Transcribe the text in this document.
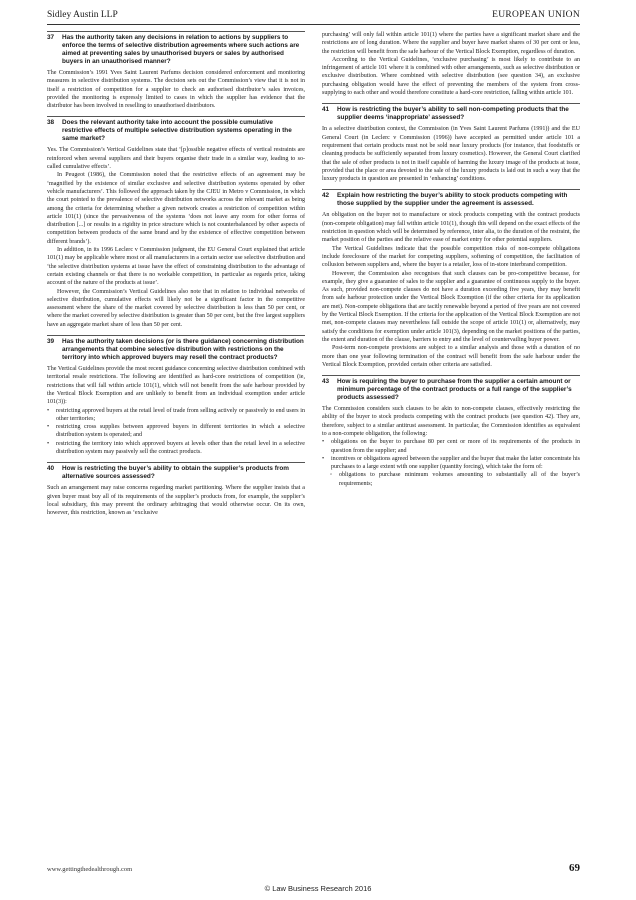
Sidley Austin LLP	EUROPEAN UNION
37	Has the authority taken any decisions in relation to actions by suppliers to enforce the terms of selective distribution agreements where such actions are aimed at preventing sales by unauthorised buyers or sales by authorised buyers in an unauthorised manner?

The Commission’s 1991 Yves Saint Laurent Parfums decision considered enforcement and monitoring measures in selective distribution systems. The decision sets out the Commission’s view that it is not in itself a restriction of competition for a supplier to check an authorised distributor’s sales invoices, provided the monitoring is expressly limited to cases in which the supplier has evidence that the distributor has been involved in reselling to unauthorised distributors.

38	Does the relevant authority take into account the possible cumulative restrictive effects of multiple selective distribution systems operating in the same market?

Yes. The Commission’s Vertical Guidelines state that ‘[p]ossible negative effects of vertical restraints are reinforced when several suppliers and their buyers organise their trade in a similar way, leading to so-called cumulative effects’.

In Peugeot (1986), the Commission noted that the restrictive effects of an agreement may be ‘magnified by the existence of similar exclusive and selective distribution systems operated by other vehicle manufacturers’. This followed the approach taken by the CJEU in Metro v Commission, in which the court pointed to the prevalence of selective distribution networks across the relevant market as being among the criteria for determining whether a given network creates a restriction of competition within article 101(1) (since the pervasiveness of the systems ‘does not leave any room for other forms of distribution [...] or results in a rigidity in price structure which is not counterbalanced by other aspects of competition between products of the same brand and by the existence of effective competition between different brands’).

In addition, in its 1996 Leclerc v Commission judgment, the EU General Court explained that article 101(1) may be applicable where most or all manufacturers in a certain sector use selective distribution and ‘the selective distribution systems at issue have the effect of constraining distribution to the advantage of certain existing channels or that there is no workable competition, in particular as regards price, taking account of the nature of the products at issue’.

However, the Commission’s Vertical Guidelines also note that in relation to individual networks of selective distribution, cumulative effects will likely not be a significant factor in the competitive assessment where the share of the market covered by selective distribution is less than 50 per cent, or where the market covered by selective distribution is greater than 50 per cent, but the five largest suppliers have an aggregate market share of less than 50 per cent.

39	Has the authority taken decisions (or is there guidance) concerning distribution arrangements that combine selective distribution with restrictions on the territory into which approved buyers may resell the contract products?

The Vertical Guidelines provide the most recent guidance concerning selective distribution combined with territorial resale restrictions. The following are identified as hard-core restrictions of competition (ie, restrictions that will fall within article 101(1), which will not benefit from the safe harbour provided by the Vertical Block Exemption and are unlikely to benefit from an individual exemption under article 101(3)):

• restricting approved buyers at the retail level of trade from selling actively or passively to end users in other territories;
• restricting cross supplies between approved buyers in different territories in which a selective distribution system is operated; and
• restricting the territory into which approved buyers at levels other than the retail level in a selective distribution system may passively sell the contract products.
40	How is restricting the buyer’s ability to obtain the supplier’s products from alternative sources assessed?

Such an arrangement may raise concerns regarding market partitioning. Where the supplier insists that a given buyer must buy all of its requirements of the supplier’s products from, for example, the supplier’s local subsidiary, this may prevent the ordinary arbitraging that would otherwise occur. On its own, however, this restriction, known as ‘exclusive

purchasing’ will only fall within article 101(1) where the parties have a significant market share and the restrictions are of long duration. Where the supplier and buyer have market shares of 30 per cent or less, the restriction will benefit from the safe harbour of the Vertical Block Exemption, regardless of duration.

According to the Vertical Guidelines, ‘exclusive purchasing’ is most likely to contribute to an infringement of article 101 where it is combined with other arrangements, such as selective distribution or exclusive distribution. Where combined with selective distribution (see question 34), an exclusive purchasing obligation would have the effect of preventing the members of the system from cross-supplying to each other and would therefore constitute a hard-core restriction, falling within article 101.

41	How is restricting the buyer’s ability to sell non-competing products that the supplier deems ‘inappropriate’ assessed?

In a selective distribution context, the Commission (in Yves Saint Laurent Parfums (1991)) and the EU General Court (in Leclerc v Commission (1996)) have accepted as permitted under article 101 a requirement that certain products must not be sold near luxury products (for instance, that foodstuffs or cleaning products be sufficiently separated from luxury cosmetics). However, the General Court clarified that the sale of other products is not in itself capable of harming the luxury image of the products at issue, provided that the place or area devoted to the sale of the luxury products is laid out in such a way that the luxury products in question are presented in ‘enhancing’ conditions.

42	Explain how restricting the buyer’s ability to stock products competing with those supplied by the supplier under the agreement is assessed.

An obligation on the buyer not to manufacture or stock products competing with the contract products (non-compete obligation) may fall within article 101(1), though this will depend on the exact effects of the restriction in question which will be determined by reference, inter alia, to the duration of the restraint, the market position of the parties and the relative ease of market entry for other potential suppliers.

The Vertical Guidelines indicate that the possible competition risks of non-compete obligations include foreclosure of the market for competing suppliers, softening of competition, the facilitation of collusion between suppliers and, where the buyer is a retailer, loss of in-store interbrand competition.

However, the Commission also recognises that such clauses can be pro-competitive because, for example, they give a guarantee of sales to the supplier and a guarantee of continuous supply to the buyer. As such, provided non-compete clauses do not have a duration exceeding five years, they may benefit from safe harbour protection under the Vertical Block Exemption (if the other criteria for its application are met). Non-compete obligations that are tacitly renewable beyond a period of five years are not covered by the Vertical Block Exemption. If the criteria for the application of the Vertical Block Exemption are not met, non-compete clauses may nevertheless fall outside the scope of article 101(1) or, alternatively, may satisfy the conditions for exemption under article 101(3), depending on the market positions of the parties, the extent and duration of the clause, barriers to entry and the level of countervailing buyer power.

Post-term non-compete provisions are subject to a similar analysis and those with a duration of no more than one year following termination of the contract will benefit from the safe harbour under the Vertical Block Exemption, provided certain other criteria are satisfied.

43	How is requiring the buyer to purchase from the supplier a certain amount or minimum percentage of the contract products or a full range of the supplier’s products assessed?

The Commission considers such clauses to be akin to non-compete clauses, effectively restricting the ability of the buyer to stock products competing with the contract products (see question 42). They are, therefore, subject to a similar antitrust assessment. In particular, the Commission identifies as equivalent to a non-compete obligation, the following:

• obligations on the buyer to purchase 80 per cent or more of its requirements of the products in question from the supplier; and
• incentives or obligations agreed between the supplier and the buyer that make the latter concentrate his purchases to a large extent with one supplier (quantity forcing), which take the form of:
◦ obligations to purchase minimum volumes amounting to substantially all of the buyer’s requirements;
www.gettingthedealthrough.com	69
© Law Business Research 2016
